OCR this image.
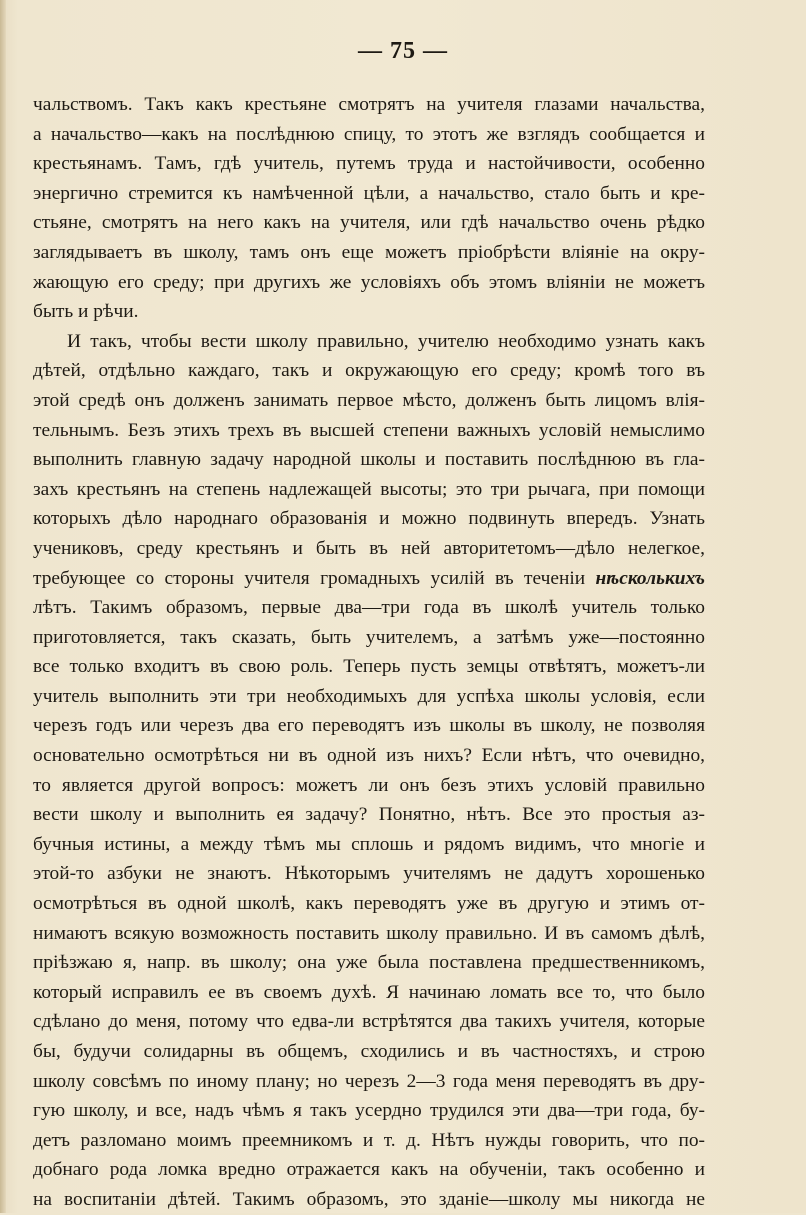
— 75 —
чальствомъ. Такъ какъ крестьяне смотрятъ на учителя глазами начальства,
а начальство—какъ на послѣднюю спицу, то этотъ же взглядъ сообщается и
крестьянамъ. Тамъ, гдѣ учитель, путемъ труда и настойчивости, особенно
энергично стремится къ намѣченной цѣли, а начальство, стало быть и кре-
стьяне, смотрятъ на него какъ на учителя, или гдѣ начальство очень рѣдко
заглядываетъ въ школу, тамъ онъ еще можетъ пріобрѣсти вліяніе на окру-
жающую его среду; при другихъ же условіяхъ объ этомъ вліяніи не можетъ
быть и рѣчи.
И такъ, чтобы вести школу правильно, учителю необходимо узнать какъ
дѣтей, отдѣльно каждаго, такъ и окружающую его среду; кромѣ того въ
этой средѣ онъ долженъ занимать первое мѣсто, долженъ быть лицомъ влія-
тельнымъ. Безъ этихъ трехъ въ высшей степени важныхъ условій немыслимо
выполнить главную задачу народной школы и поставить послѣднюю въ гла-
захъ крестьянъ на степень надлежащей высоты; это три рычага, при помощи
которыхъ дѣло народнаго образованія и можно подвинуть впередъ. Узнать
учениковъ, среду крестьянъ и быть въ ней авторитетомъ—дѣло нелегкое,
требующее со стороны учителя громадныхъ усилій въ теченіи нѣсколькихъ
лѣтъ. Такимъ образомъ, первые два—три года въ школѣ учитель только
приготовляется, такъ сказать, быть учителемъ, а затѣмъ уже—постоянно
все только входитъ въ свою роль. Теперь пусть земцы отвѣтятъ, можетъ-ли
учитель выполнить эти три необходимыхъ для успѣха школы условія, если
черезъ годъ или черезъ два его переводятъ изъ школы въ школу, не позволяя
основательно осмотрѣться ни въ одной изъ нихъ? Если нѣтъ, что очевидно,
то является другой вопросъ: можетъ ли онъ безъ этихъ условій правильно
вести школу и выполнить ея задачу? Понятно, нѣтъ. Все это простыя аз-
бучныя истины, а между тѣмъ мы сплошь и рядомъ видимъ, что многіе и
этой-то азбуки не знаютъ. Нѣкоторымъ учителямъ не дадутъ хорошенько
осмотрѣться въ одной школѣ, какъ переводятъ уже въ другую и этимъ от-
нимаютъ всякую возможность поставить школу правильно. И въ самомъ дѣлѣ,
пріѣзжаю я, напр. въ школу; она уже была поставлена предшественникомъ,
который исправилъ ее въ своемъ духѣ. Я начинаю ломать все то, что было
сдѣлано до меня, потому что едва-ли встрѣтятся два такихъ учителя, которые
бы, будучи солидарны въ общемъ, сходились и въ частностяхъ, и строю
школу совсѣмъ по иному плану; но черезъ 2—3 года меня переводятъ въ дру-
гую школу, и все, надъ чѣмъ я такъ усердно трудился эти два—три года, бу-
детъ разломано моимъ преемникомъ и т. д. Нѣтъ нужды говорить, что по-
добнаго рода ломка вредно отражается какъ на обученіи, такъ особенно и
на воспитаніи дѣтей. Такимъ образомъ, это зданіе—школу мы никогда не
